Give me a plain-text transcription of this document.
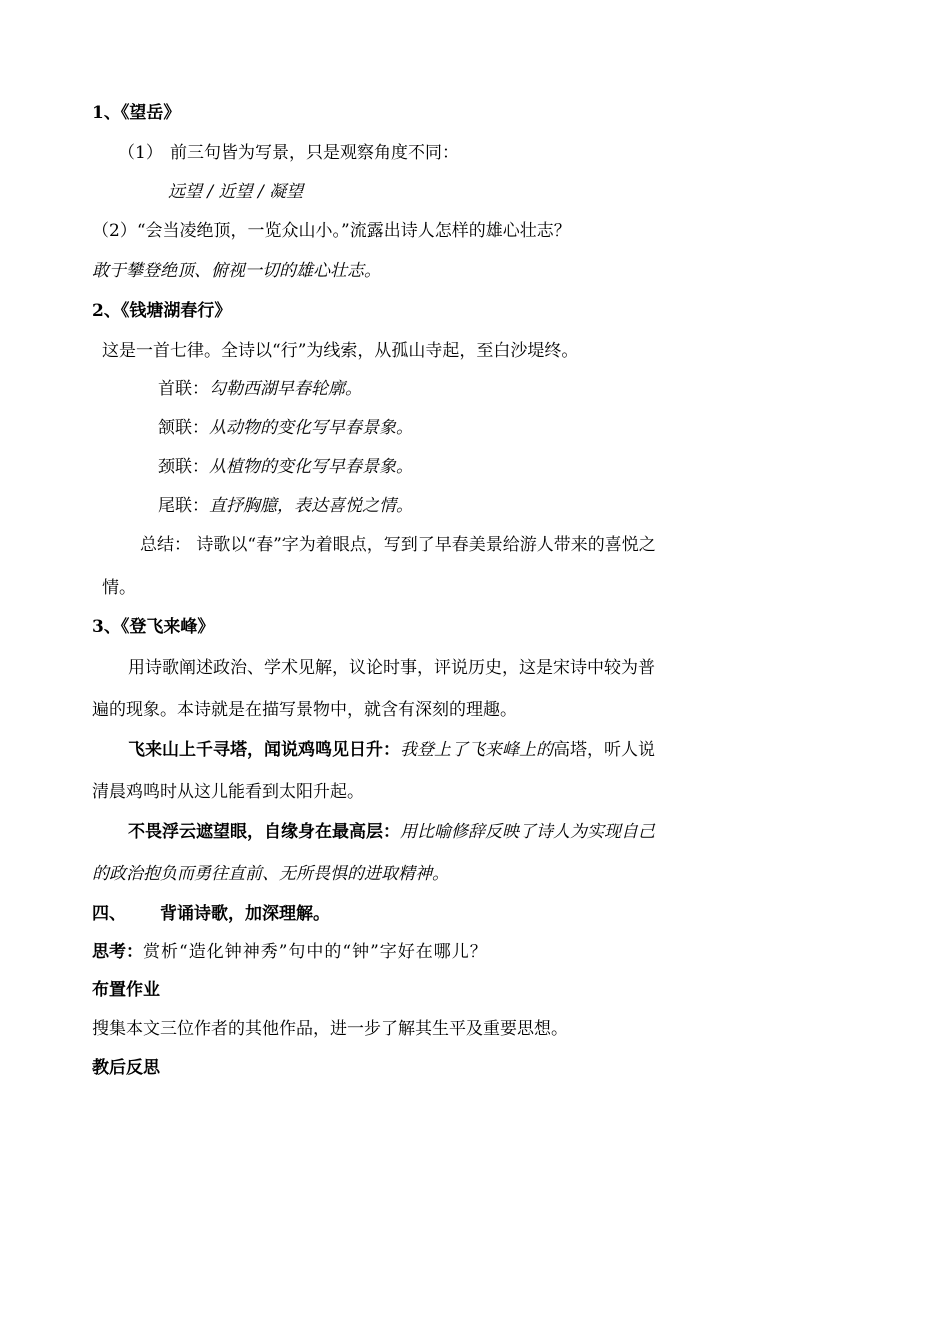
1、《望岳》
（1） 前三句皆为写景，只是观察角度不同：
远望 / 近望 / 凝望
（2）“会当凌绝顶，一览众山小。”流露出诗人怎样的雄心壮志？
敢于攀登绝顶、俯视一切的雄心壮志。
2、《钱塘湖春行》
这是一首七律。全诗以“行”为线索，从孤山寺起，至白沙堤终。
首联：勾勒西湖早春轮廓。
颔联：从动物的变化写早春景象。
颈联：从植物的变化写早春景象。
尾联：直抒胸臆，表达喜悦之情。
总结： 诗歌以“春”字为着眼点，写到了早春美景给游人带来的喜悦之
情。
3、《登飞来峰》
用诗歌阐述政治、学术见解，议论时事，评说历史，这是宋诗中较为普
遍的现象。本诗就是在描写景物中，就含有深刻的理趣。
飞来山上千寻塔，闻说鸡鸣见日升：我登上了飞来峰上的高塔，听人说
清晨鸡鸣时从这儿能看到太阳升起。
不畏浮云遮望眼，自缘身在最高层：用比喻修辞反映了诗人为实现自己
的政治抱负而勇往直前、无所畏惧的进取精神。
四、 背诵诗歌，加深理解。
思考：赏析“造化钟神秀”句中的“钟”字好在哪儿？
布置作业
搜集本文三位作者的其他作品，进一步了解其生平及重要思想。
教后反思
